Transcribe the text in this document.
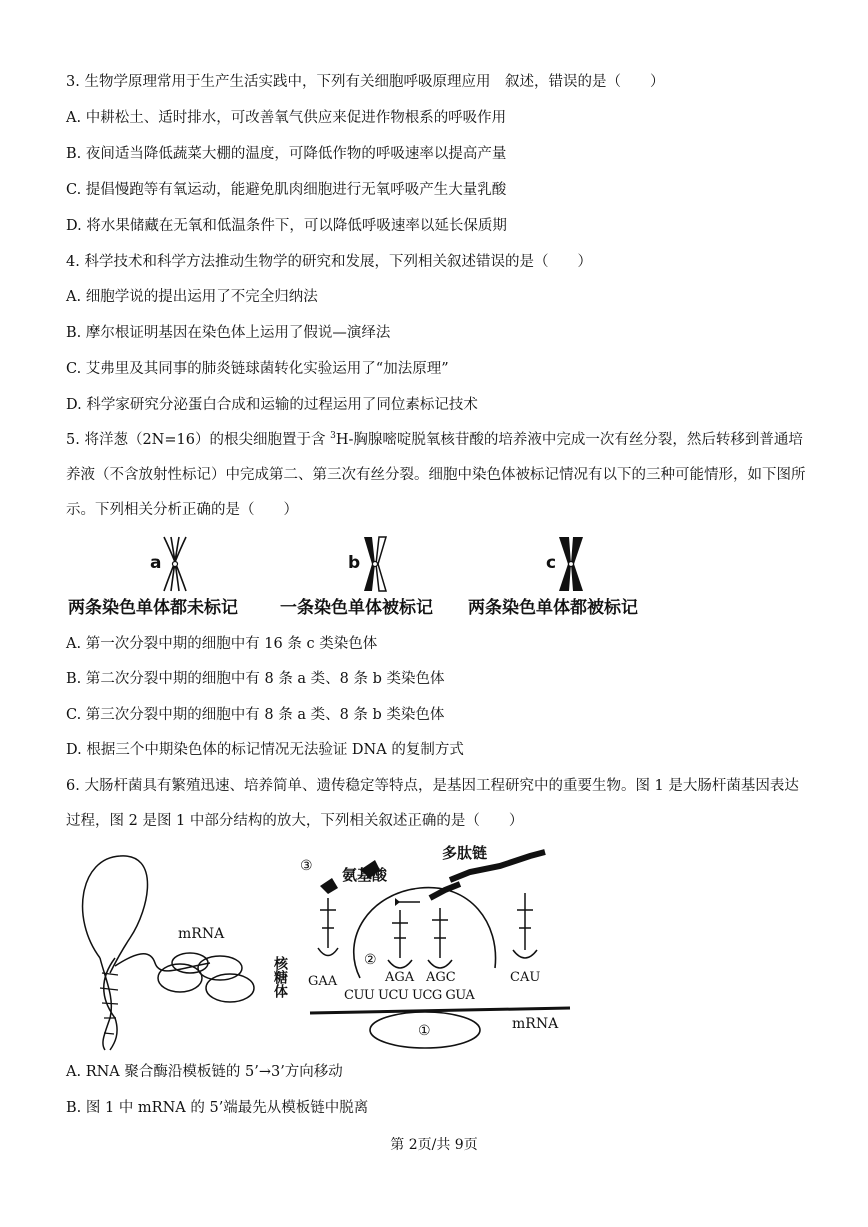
3. 生物学原理常用于生产生活实践中，下列有关细胞呼吸原理应用　叙述，错误的是（　　）
A. 中耕松土、适时排水，可改善氧气供应来促进作物根系的呼吸作用
B. 夜间适当降低蔬菜大棚的温度，可降低作物的呼吸速率以提高产量
C. 提倡慢跑等有氧运动，能避免肌肉细胞进行无氧呼吸产生大量乳酸
D. 将水果储藏在无氧和低温条件下，可以降低呼吸速率以延长保质期
4. 科学技术和科学方法推动生物学的研究和发展，下列相关叙述错误的是（　　）
A. 细胞学说的提出运用了不完全归纳法
B. 摩尔根证明基因在染色体上运用了假说—演绎法
C. 艾弗里及其同事的肺炎链球菌转化实验运用了“加法原理”
D. 科学家研究分泌蛋白合成和运输的过程运用了同位素标记技术
5. 将洋葱（2N=16）的根尖细胞置于含 $^3$H-胸腺嘧啶脱氧核苷酸的培养液中完成一次有丝分裂，然后转移到普通培养液（不含放射性标记）中完成第二、第三次有丝分裂。细胞中染色体被标记情况有以下的三种可能情形，如下图所示。下列相关分析正确的是（　　）
a
两条染色单体都未标记
b
一条染色单体被标记
c
两条染色单体都被标记
A. 第一次分裂中期的细胞中有 16 条 c 类染色体
B. 第二次分裂中期的细胞中有 8 条 a 类、8 条 b 类染色体
C. 第三次分裂中期的细胞中有 8 条 a 类、8 条 b 类染色体
D. 根据三个中期染色体的标记情况无法验证 DNA 的复制方式
6. 大肠杆菌具有繁殖迅速、培养简单、遗传稳定等特点，是基因工程研究中的重要生物。图 1 是大肠杆菌基因表达过程，图 2 是图 1 中部分结构的放大，下列相关叙述正确的是（　　）
mRNA
核糖体
③ 氨基酸
多肽链
②
GAA	AGA AGC	CAU
CUU UCU UCG GUA
①	mRNA
A. RNA 聚合酶沿模板链的 5’→3’方向移动
B. 图 1 中 mRNA 的 5’端最先从模板链中脱离
第 2页/共 9页
